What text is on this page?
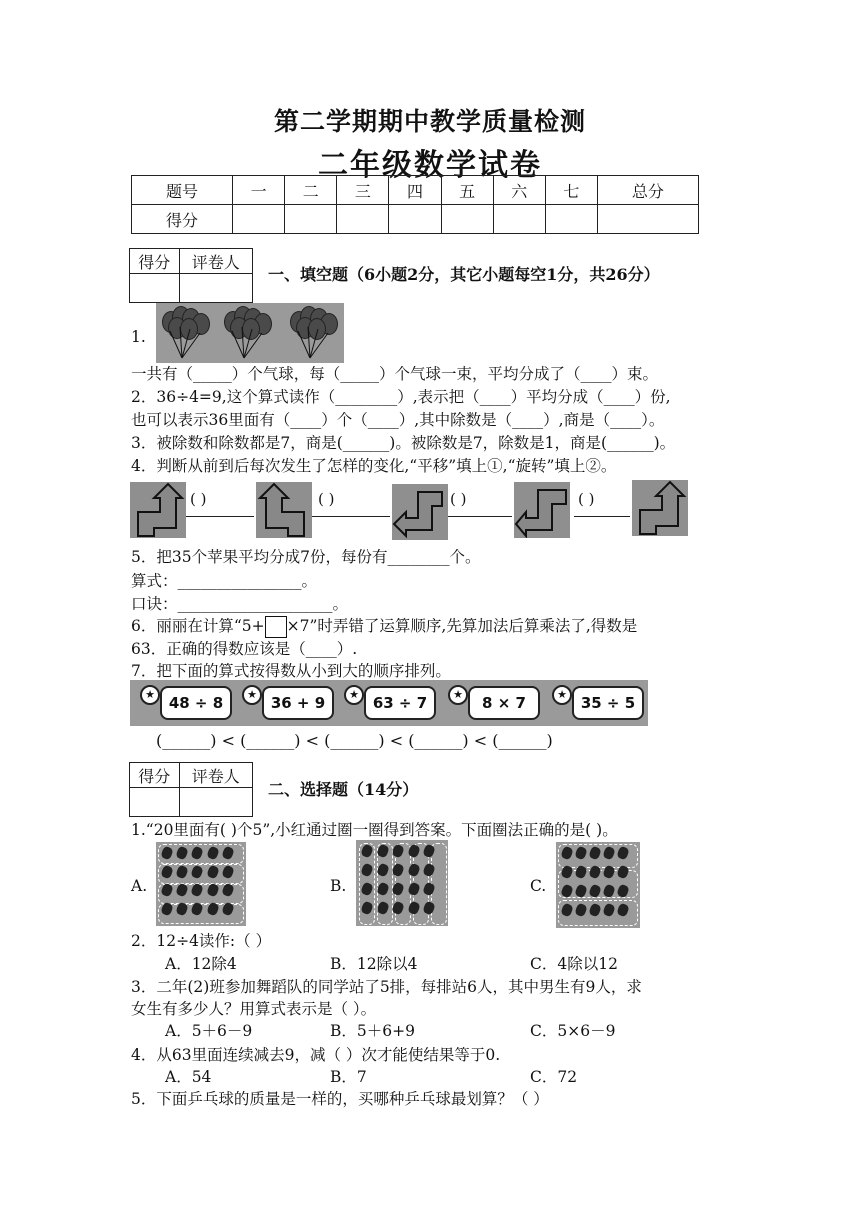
第二学期期中教学质量检测
二年级数学试卷
题号	一	二	三	四	五	六	七	总分
得分								
得分	评卷人

一、填空题（6小题2分，其它小题每空1分，共26分）
1.
一共有（_____）个气球，每（_____）个气球一束，平均分成了（____）束。
2．36÷4=9,这个算式读作（________）,表示把（____）平均分成（____）份,
也可以表示36里面有（____）个（____）,其中除数是（____）,商是（____）。
3．被除数和除数都是7，商是(______)。被除数是7，除数是1，商是(______)。
4．判断从前到后每次发生了怎样的变化,“平移”填上①,“旋转”填上②。
( )	( )	( )	( )
5．把35个苹果平均分成7份，每份有________个。
算式：________________。
口诀：____________________。
6．丽丽在计算“5+ ×7”时弄错了运算顺序,先算加法后算乘法了,得数是
63．正确的得数应该是（____）.
7．把下面的算式按得数从小到大的顺序排列。
★ 48 ÷ 8	★ 36 + 9	★ 63 ÷ 7	★	8 × 7	★ 35 ÷ 5
(______) < (______) < (______) < (______) < (______)
得分	评卷人

二、选择题（14分）
1.“20里面有( )个5”,小红通过圈一圈得到答案。下面圈法正确的是( )。
A.	B.	C.
2．12÷4读作:（ ）
A．12除4	B．12除以4	C．4除以12
3．二年(2)班参加舞蹈队的同学站了5排，每排站6人，其中男生有9人，求
女生有多少人？用算式表示是（ ）。
A．5＋6－9	B．5＋6+9	C．5×6－9
4．从63里面连续减去9，减（ ）次才能使结果等于0.
A．54	B．7	C．72
5．下面乒乓球的质量是一样的，买哪种乒乓球最划算？（ ）
